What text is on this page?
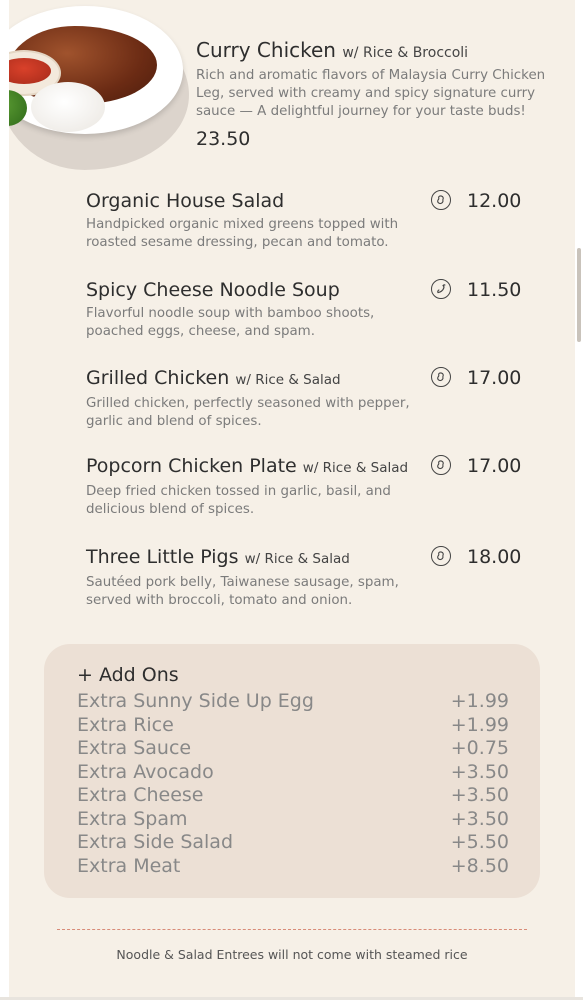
Curry Chicken w/ Rice & Broccoli
Rich and aromatic flavors of Malaysia Curry Chicken Leg, served with creamy and spicy signature curry sauce — A delightful journey for your taste buds!
23.50
Organic House Salad
Handpicked organic mixed greens topped with roasted sesame dressing, pecan and tomato.
12.00
Spicy Cheese Noodle Soup
Flavorful noodle soup with bamboo shoots, poached eggs, cheese, and spam.
11.50
Grilled Chicken w/ Rice & Salad
Grilled chicken, perfectly seasoned with pepper, garlic and blend of spices.
17.00
Popcorn Chicken Plate w/ Rice & Salad
Deep fried chicken tossed in garlic, basil, and delicious blend of spices.
17.00
Three Little Pigs w/ Rice & Salad
Sautéed pork belly, Taiwanese sausage, spam, served with broccoli, tomato and onion.
18.00
+ Add Ons
Extra Sunny Side Up Egg	+1.99
Extra Rice	+1.99
Extra Sauce	+0.75
Extra Avocado	+3.50
Extra Cheese	+3.50
Extra Spam	+3.50
Extra Side Salad	+5.50
Extra Meat	+8.50
Noodle & Salad Entrees will not come with steamed rice
